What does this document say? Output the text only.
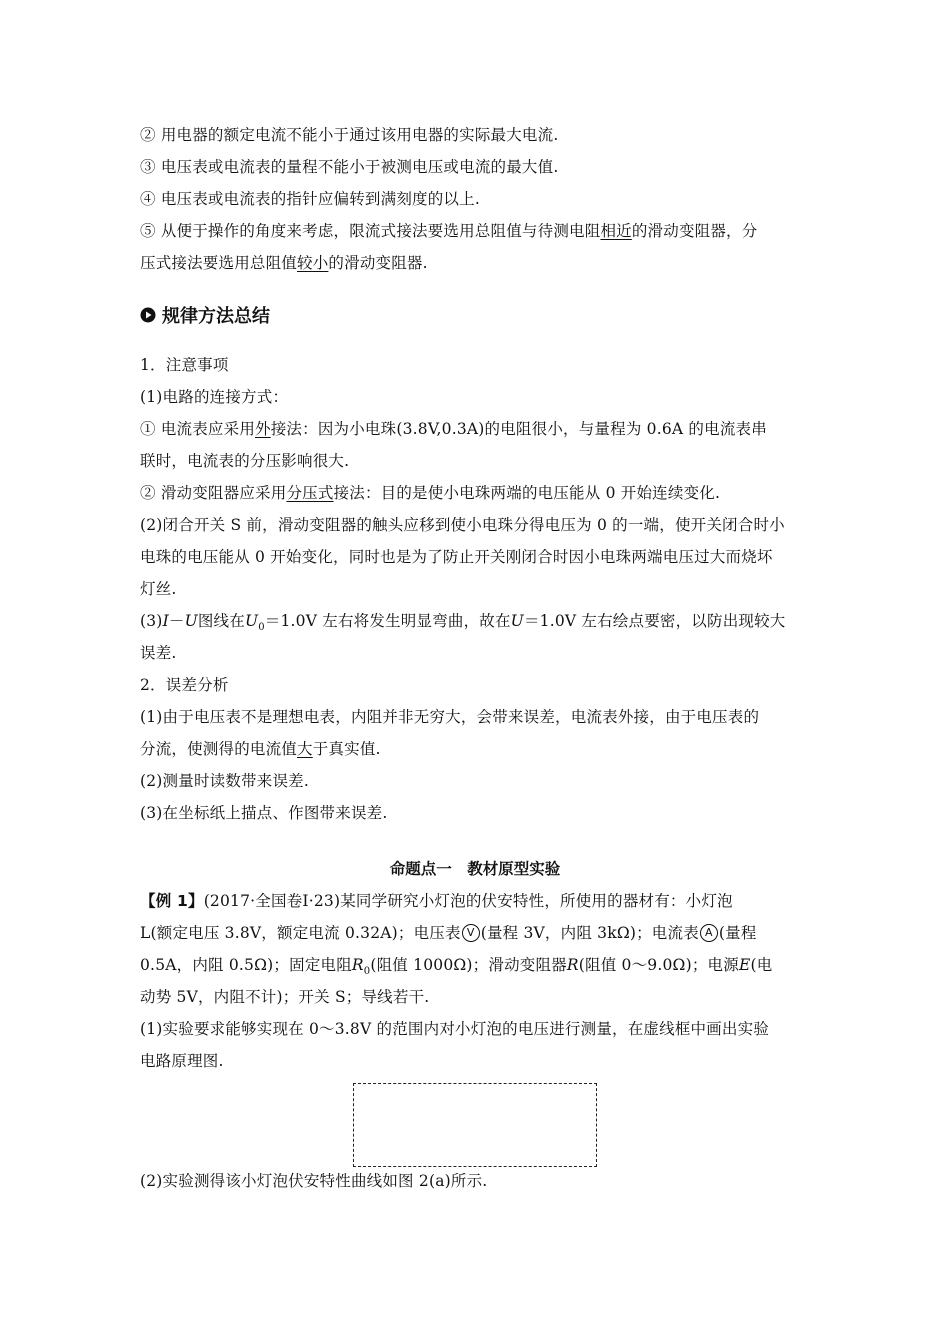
② 用电器的额定电流不能小于通过该用电器的实际最大电流.
③ 电压表或电流表的量程不能小于被测电压或电流的最大值.
④ 电压表或电流表的指针应偏转到满刻度的以上.
⑤ 从便于操作的角度来考虑，限流式接法要选用总阻值与待测电阻相近的滑动变阻器，分
压式接法要选用总阻值较小的滑动变阻器.
规律方法总结
1．注意事项
(1)电路的连接方式：
① 电流表应采用外接法：因为小电珠(3.8V,0.3A)的电阻很小，与量程为 0.6A 的电流表串
联时，电流表的分压影响很大.
② 滑动变阻器应采用分压式接法：目的是使小电珠两端的电压能从 0 开始连续变化.
(2)闭合开关 S 前，滑动变阻器的触头应移到使小电珠分得电压为 0 的一端，使开关闭合时小
电珠的电压能从 0 开始变化，同时也是为了防止开关刚闭合时因小电珠两端电压过大而烧坏
灯丝.
(3)I－U图线在$U_0=1.0V$ 左右将发生明显弯曲，故在U＝1.0V 左右绘点要密，以防出现较大
误差.
2．误差分析
(1)由于电压表不是理想电表，内阻并非无穷大，会带来误差，电流表外接，由于电压表的
分流，使测得的电流值大于真实值.
(2)测量时读数带来误差.
(3)在坐标纸上描点、作图带来误差.
命题点一　教材原型实验
【例 1】(2017·全国卷Ⅰ·23)某同学研究小灯泡的伏安特性，所使用的器材有：小灯泡
L(额定电压 3.8V，额定电流 0.32A)；电压表 V (量程 3V，内阻 3kΩ)；电流表 A (量程
0.5A，内阻 0.5Ω)；固定电阻$R_0$(阻值 1000Ω)；滑动变阻器R(阻值 0～9.0Ω)；电源E(电
动势 5V，内阻不计)；开关 S；导线若干.
(1)实验要求能够实现在 0～3.8V 的范围内对小灯泡的电压进行测量，在虚线框中画出实验
电路原理图.
(2)实验测得该小灯泡伏安特性曲线如图 2(a)所示.
